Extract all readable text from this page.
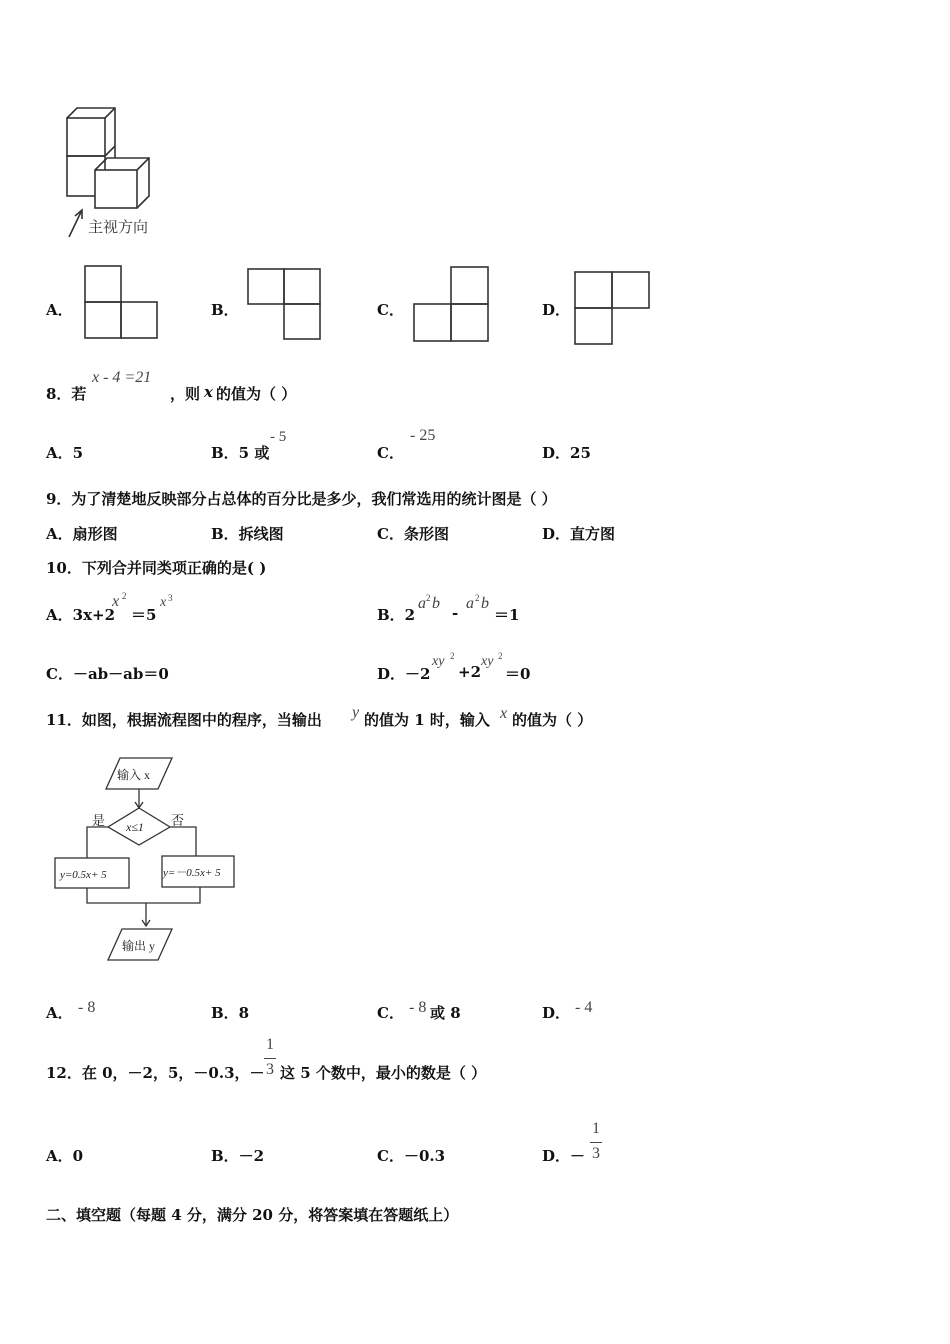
主视方向
A．	B．	C．	D．
8．若
x - 4 =21
，则 x 的值为（ ）
A．5	B．5 或
- 5
C．
- 25
D．25
9．为了清楚地反映部分占总体的百分比是多少，我们常选用的统计图是（ ）
A．扇形图	B．拆线图	C．条形图	D．直方图
10．下列合并同类项正确的是( )
A．3x+2
x 2
＝5
x 3
B．2
a 2 b
-
a 2 b
＝1
C．－ab－ab＝0	D．－2
xy 2
+2
xy 2
＝0
11．如图，根据流程图中的程序，当输出 y 的值为 1 时，输入 x 的值为（ ）
输入 x
x≤1
是	否
y=0.5x+ 5	y=－0.5x+ 5
输出 y
A． - 8	B．8	C． - 8 或 8	D． - 4
12．在 0，－2，5，－0.3，－
1
3 这 5 个数中，最小的数是（ ）
A．0	B．－2	C．－0.3	D．－
1
3
二、填空题（每题 4 分，满分 20 分，将答案填在答题纸上）
